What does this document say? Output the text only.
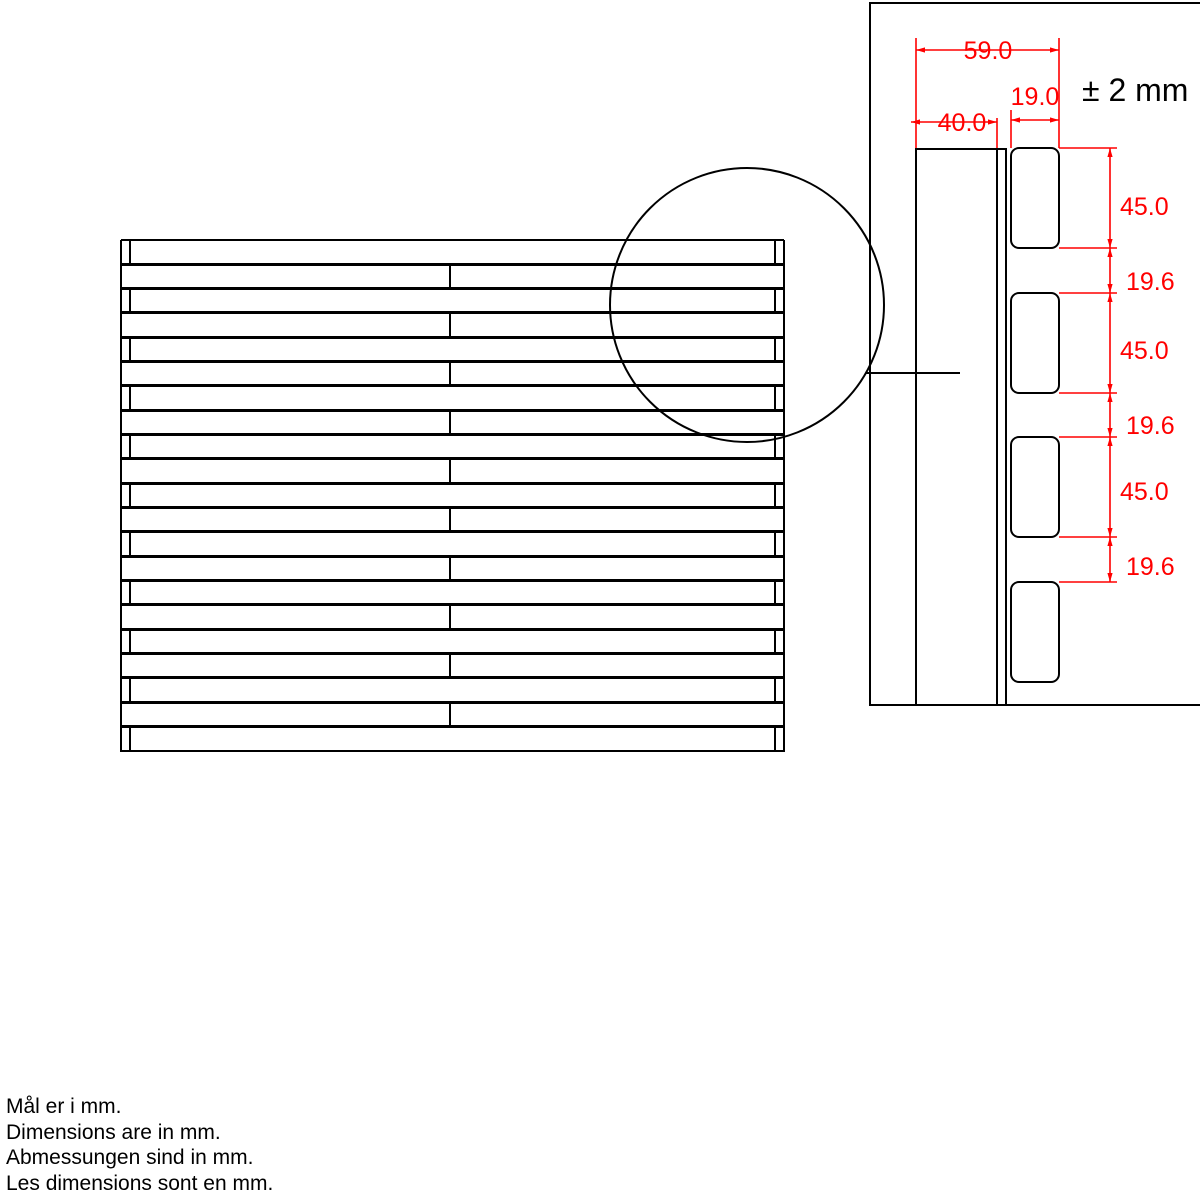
59.0
40.0
19.0
45.0
19.6
45.0
19.6
45.0
19.6
± 2 mm
Mål er i mm.
Dimensions are in mm.
Abmessungen sind in mm.
Les dimensions sont en mm.
